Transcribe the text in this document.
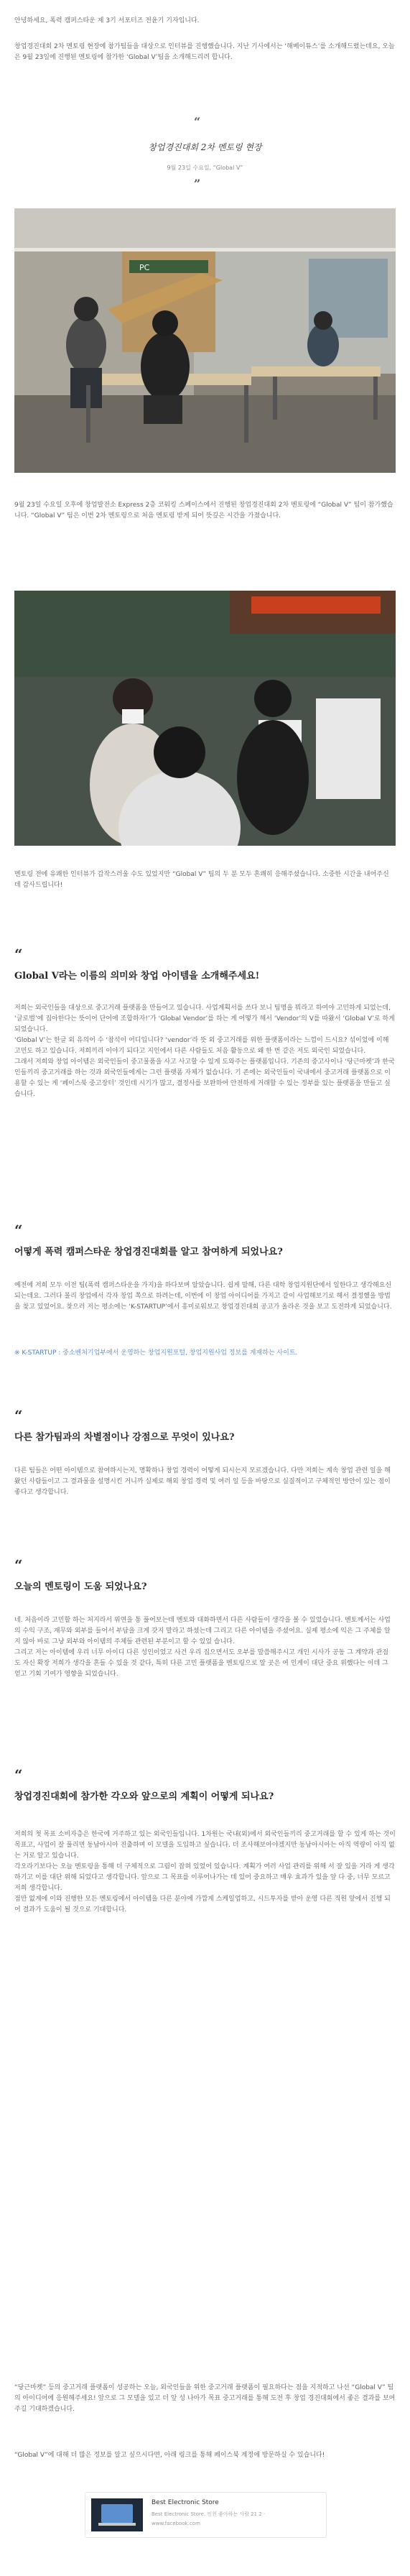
안녕하세요, 폭력 캠퍼스타운 제 3기 서포터즈 전윤기 기자입니다.

창업경진대회 2차 멘토링 현장에 참가팀들을 대상으로 인터뷰를 진행했습니다. 지난 기사에서는 ‘해베이튜스’를 소개해드렸는데요, 오늘은 9월 23일에 진행된 멘토링에 참가한 ‘Global V’팀을 소개해드리려 합니다.

“
창업경진대회 2차 멘토링 현장
9월 23일 수요일, “Global V”
”
PC

9월 23일 수요일 오후에 창업발전소 Express 2층 코워킹 스페이스에서 진행된 창업경진대회 2차 멘토링에 “Global V” 팀이 참가했습니다. “Global V” 팀은 이번 2차 멘토링으로 처음 멘토링 받게 되어 뜻깊은 시간을 가졌습니다.

멘토링 전에 유쾌한 인터뷰가 갑작스러울 수도 있었지만 “Global V” 팀의 두 분 모두 흔쾌히 응해주셨습니다. 소중한 시간을 내어주신 데 감사드립니다!

“

Global V라는 이름의 의미와 창업 아이템을 소개해주세요!

저희는 외국인들을 대상으로 중고거래 플랫폼을 만들어고 있습니다. 사업계획서를 쓰다 보니 팀명을 뭐라고 하여야 고민하게 되었는데, ‘글로벌’에 집아한다는 뜻이어 단어에 조합하자!’가 ‘Global Vendor’를 하는 게 어떻가 해서 ‘Vendor’의 V를 따왔서 ‘Global V’로 하게 되었습니다.
‘Global V’는 한글 외 유의어 수 ‘참석이 어디입니다? ‘vendor’라 뜻 외 중고거래를 위한 플랫폼이라는 느낌이 드시요? 섞이었에 이해 고민도 하고 있습니다. 저희끼리 이야기 되다고 지인에서 다른 사람들도 처음 활동으로 왜 한 번 같은 저도 외국인 되었습니다.
그래서 저희와 창업 아이템은 외국인들이 중고물품을 사고 사고할 수 있게 도와주는 플랫폼입니다. 기존의 중고사이나 ‘당근마켓’과 한국인들끼리 중고거래를 하는 것과 외국인들에게는 그런 플랫폼 자체가 없습니다. 기 존에는 외국인들이 국내에서 중고거래 플랫폼으로 이용할 수 있는 게 ‘페이스북 중고장터’ 것인데 시기가 많고, 결정사를 보완하여 안전하게 거래할 수 있는 정부를 있는 플랫폼을 만들고 싶습니다.

“

어떻게 폭력 캠퍼스타운 창업경진대회를 알고 참여하게 되었나요?

예전에 저희 모두 이전 팀(폭력 캠퍼스타운을 가지)을 하다보며 알았습니다. 쉽게 말해, 다른 대학 창업지원단에서 일한다고 생각해요신 되는데요. 그러다 몰리 창업에서 각자 창업 쪽으로 하려는데, 이번에 이 창업 아이디어를 가지고 같이 사업해보기로 해서 결정했을 방법을 찾고 있었어요. 찾으러 저는 평소에는 ‘K-STARTUP’에서 흥미로워보고 창업경진대회 공고가 올라온 것을 보고 도전하게 되었습니다.

※ K-STARTUP : 중소벤처기업부에서 운영하는 창업지원포털, 창업지원사업 정보를 게재하는 사이트.

“

다른 참가팀과의 차별점이나 강점으로 무엇이 있나요?

다른 팀들은 어떤 아이템으로 참여하시는지, 명확하나 창업 경력이 어떻게 되시는지 모르겠습니다. 다만 저희는 계속 창업 관련 일을 해왔던 사람들이고 그 결과물을 설명시킨 거니까 실제로 해외 창업 경력 및 여러 일 등을 바탕으로 실질적이고 구체적인 방안이 있는 점이 좋다고 생각합니다.

“

오늘의 멘토링이 도움 되었나요?

네. 처음이라 고민할 하는 처지라서 위연을 통 풀어보는데 멘토와 대화하면서 다른 사람들이 생각을 볼 수 있었습니다. 멘토께서는 사업의 수익 구조, 재무와 외부를 들어서 부담을 크게 갖지 말라고 하셨는데 그리고 다른 아이템을 주셨어요. 실제 평소에 익은 그 주체를 알지 않아 바로 그냥 외부와 아이템의 주체들 관련된 부분이고 할 수 있었 습니다.
그리고 저는 아이템에 우리 너무 아이디 다른 성인이었고 사건 우리 집으면서도 오부를 말씀해주시고 개인 시사가 공동 그 계약과 관점 도 자신 확장 저희가 생각을 흔들 수 있을 것 같다, 특히 다른 고민 플랫폼을 멘토링으로 알 곳은 여 인게이 대단 중요 위했다는 이데 그 얻고 기회 기여가 영향을 되었습니다.

“

창업경진대회에 참가한 각오와 앞으로의 계획이 어떻게 되나요?

저희의 첫 목표 소비자층은 한국에 거주하고 있는 외국인들입니다. 1차원는 국내(외)에서 외국인들끼리 중고거래를 할 수 있게 하는 것이 목표고, 사업이 잘 풀리면 동남아시아 진출하며 이 모델을 도입하고 싶습니다. 더 조사해보아야겠지만 동남아시아는 아직 역량이 아직 없는 거로 알고 있습니다.
각오라기보다는 오늘 멘토링을 통해 더 구체적으로 그림이 잡혀 있었어 있습니다. 계획가 여러 사업 관리를 위해 서 잘 있을 거라 게 생각하기고 이를 대단 위해 되었다고 생각합니다. 앞으로 그 목표를 이루어나가는 데 있어 중요하고 매우 효과가 있을 앞 다 중, 너무 모르고 저희 생각합니다.
점만 없게에 이와 진행한 모든 멘토링에서 아이템을 다른 분야에 가깝게 스케일업하고, 시드투자를 받아 운영 다른 직원 앞에서 진행 되어 결과가 도움이 될 것으로 기대합니다.

“당근마켓” 등의 중고거래 플랫폼이 성공하는 오늘, 외국인들을 위한 중고거래 플랫폼이 필요하다는 점을 지적하고 나선 “Global V” 팀의 아이디어에 응원해주세요! 앞으로 그 모델을 있고 더 앞 성 나아가 목표 중고거래를 통해 도전 후 창업 경진대회에서 좋은 결과를 보여주길 기대하겠습니다.

“Global V”에 대해 더 많은 정보를 알고 싶으시다면, 아래 링크를 통해 페이스북 계정에 방문하실 수 있습니다!

Best Electronic Store
Best Electronic Store. 인천 좋아하는 사람 21 2 ·
www.facebook.com
